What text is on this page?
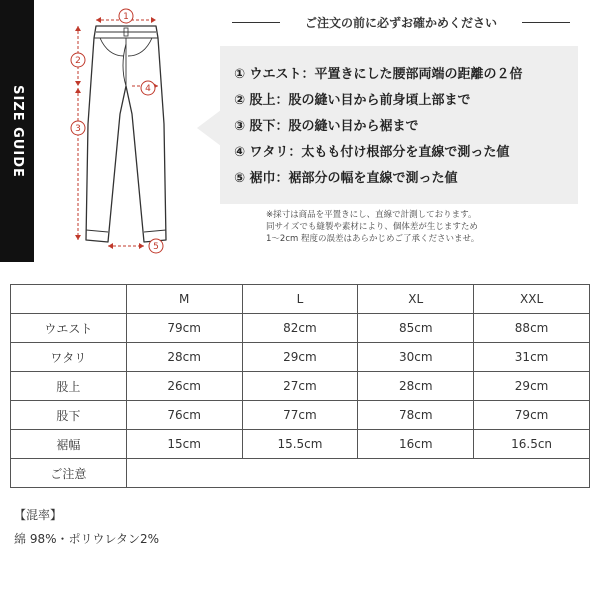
SIZE GUIDE
1
2
3
4
5
ご注文の前に必ずお確かめください
① ウエスト：平置きにした腰部両端の距離の２倍
② 股上：股の縫い目から前身頃上部まで
③ 股下：股の縫い目から裾まで
④ ワタリ：太もも付け根部分を直線で測った値
⑤ 裾巾：裾部分の幅を直線で測った値
※採寸は商品を平置きにし、直線で計測しております。
同サイズでも縫製や素材により、個体差が生じますため
1〜2cm 程度の誤差はあらかじめご了承くださいませ。
	M	L	XL	XXL
ウエスト	79cm	82cm	85cm	88cm
ワタリ	28cm	29cm	30cm	31cm
股上	26cm	27cm	28cm	29cm
股下	76cm	77cm	78cm	79cm
裾幅	15cm	15.5cm	16cm	16.5cn
ご注意				
【混率】
綿 98%・ポリウレタン2%
